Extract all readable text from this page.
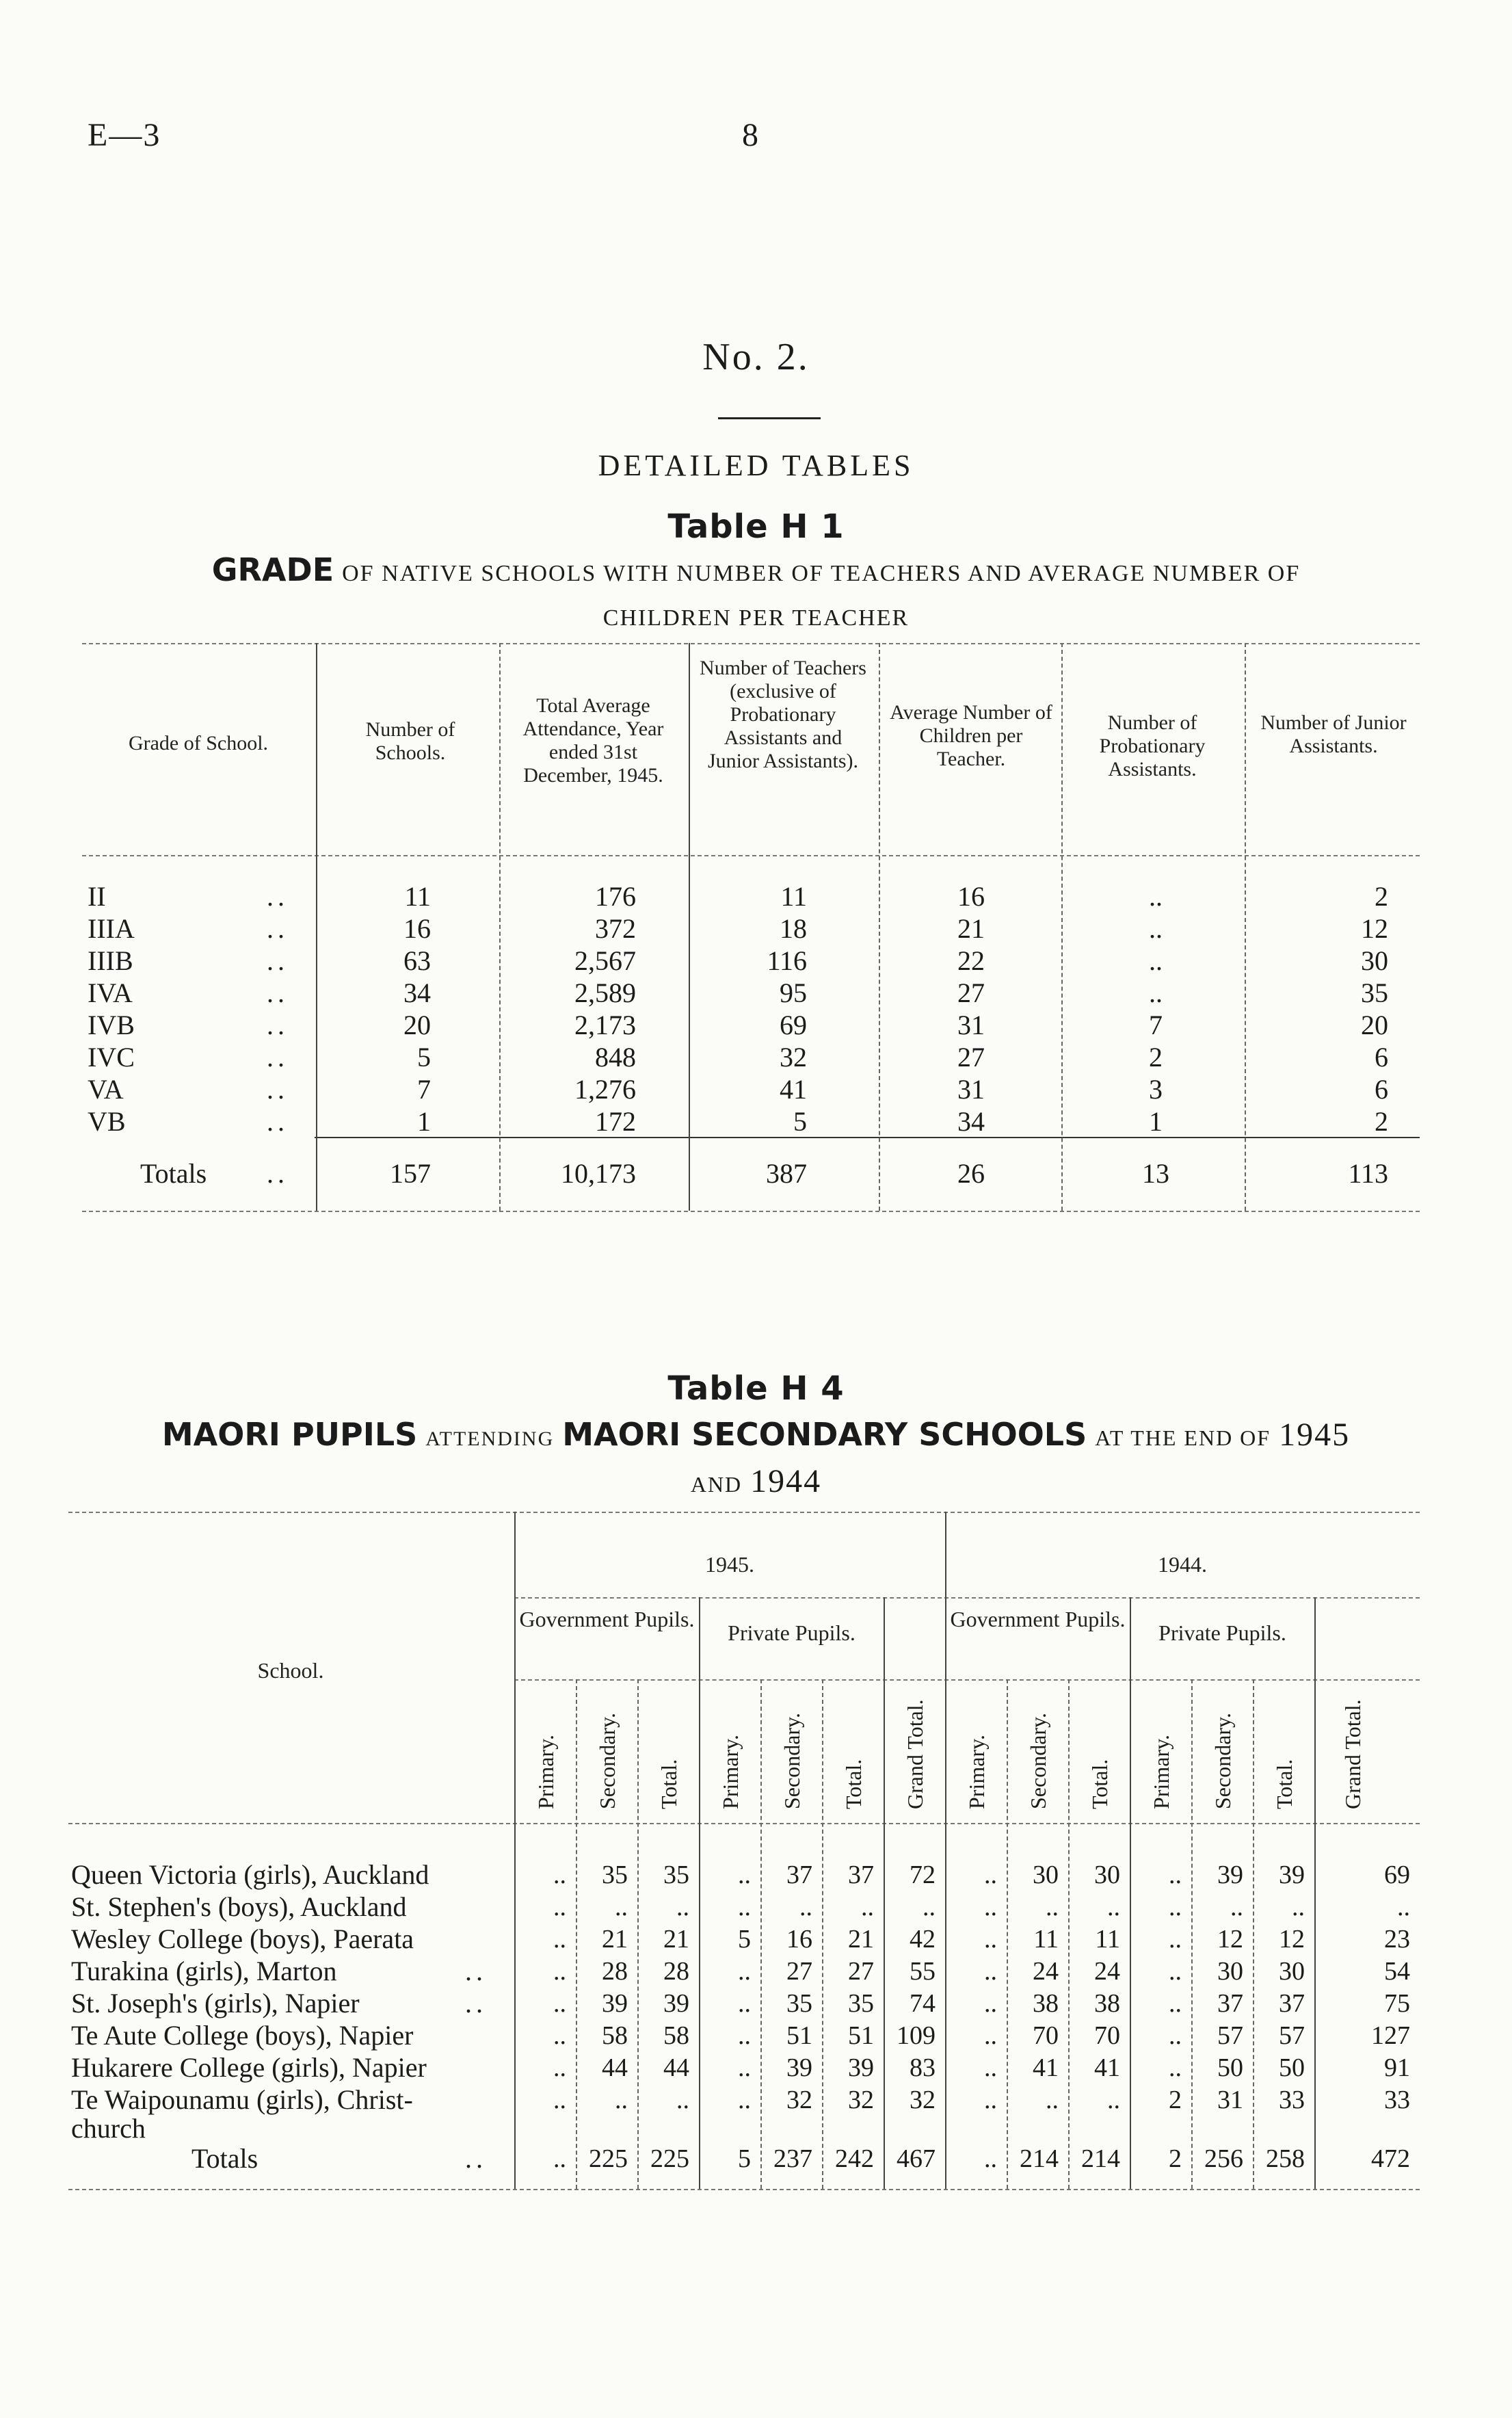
E—3	8
No. 2.
DETAILED TABLES
Table H 1
GRADE OF NATIVE SCHOOLS WITH NUMBER OF TEACHERS AND AVERAGE NUMBER OF
CHILDREN PER TEACHER
Grade of School.
Number of Schools.
Total Average Attendance, Year ended 31st December, 1945.
Number of Teachers (exclusive of Probationary Assistants and Junior Assistants).
Average Number of Children per Teacher.
Number of Probationary Assistants.
Number of Junior Assistants.
II	..	11	176	11	16	..	2
IIIA	..	16	372	18	21	..	12
IIIB	..	63	2,567	116	22	..	30
IVA	..	34	2,589	95	27	..	35
IVB	..	20	2,173	69	31	7	20
IVC	..	5	848	32	27	2	6
VA	..	7	1,276	41	31	3	6
VB	..	1	172	5	34	1	2
Totals ..	157	10,173	387	26	13	113
Table H 4
MAORI PUPILS ATTENDING MAORI SECONDARY SCHOOLS AT THE END OF 1945
AND 1944
School.
1945.	1944.
Government Pupils.
Private Pupils.
Government Pupils.
Private Pupils.
Primary. Secondary. Total. Primary. Secondary. Total. Grand Total. Primary. Secondary. Total. Primary. Secondary. Total. Grand Total.
Queen Victoria (girls), Auckland	..	35	35	..	37	37	72	..	30	30	..	39	39	69
St. Stephen's (boys), Auckland	..	..	..	..	..	..	..	..	..	..	..	..	..	..
Wesley College (boys), Paerata	..	21	21	5	16	21	42	..	11	11	..	12	12	23
Turakina (girls), Marton	..	..	28	28	..	27	27	55	..	24	24	..	30	30	54
St. Joseph's (girls), Napier	..	..	39	39	..	35	35	74	..	38	38	..	37	37	75
Te Aute College (boys), Napier	..	58	58	..	51	51 109	..	70	70	..	57	57	127
Hukarere College (girls), Napier	..	44	44	..	39	39	83	..	41	41	..	50	50	91
Te Waipounamu (girls), Christ-
church
..	..	..	..	32	32	32	..	..	..	2	31	33	33
Totals	..	.. 225 225	5 237 242 467	.. 214 214	2 256 258	472
